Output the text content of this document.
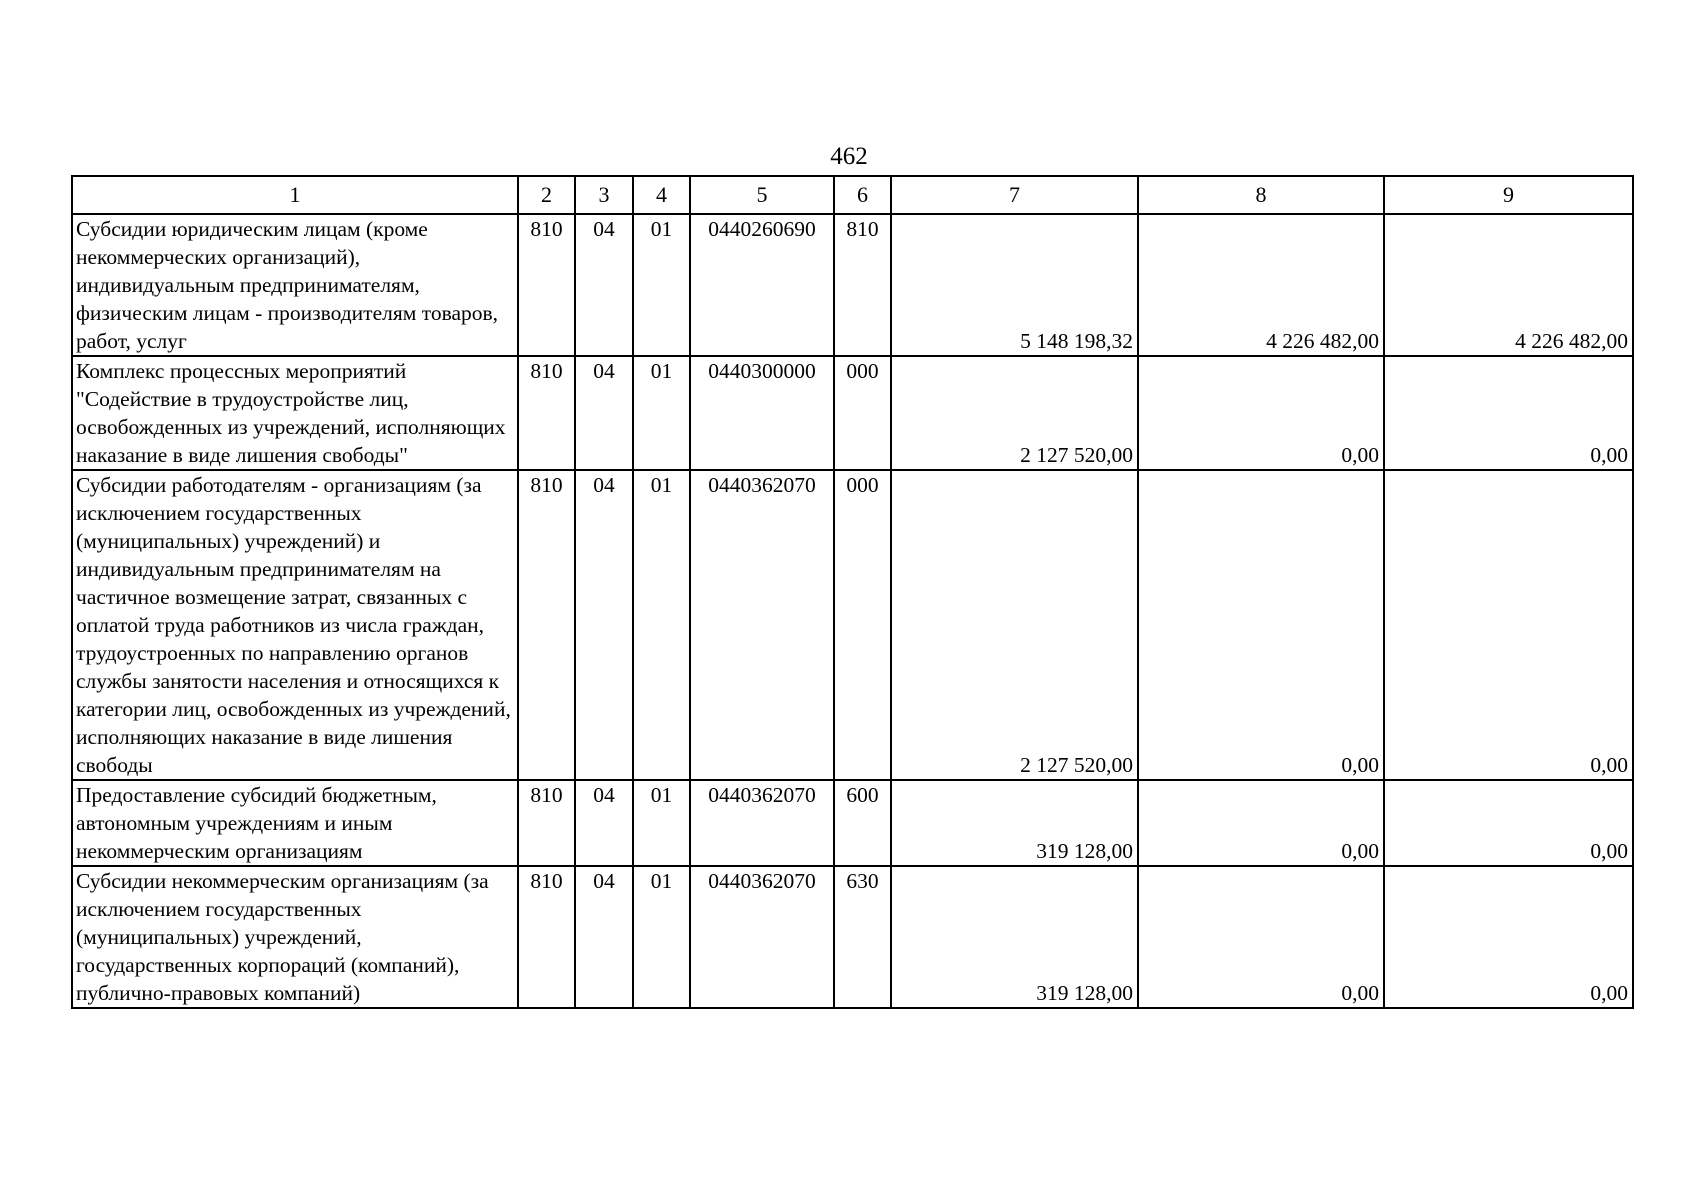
462
1	2	3	4	5	6	7	8	9
Субсидии юридическим лицам (кроме некоммерческих организаций), индивидуальным предпринимателям, физическим лицам - производителям товаров, работ, услуг	810	04	01	0440260690	810	5 148 198,32	4 226 482,00	4 226 482,00
Комплекс процессных мероприятий "Содействие в трудоустройстве лиц, освобожденных из учреждений, исполняющих наказание в виде лишения свободы"	810	04	01	0440300000	000	2 127 520,00	0,00	0,00
Субсидии работодателям - организациям (за исключением государственных (муниципальных) учреждений) и индивидуальным предпринимателям на частичное возмещение затрат, связанных с оплатой труда работников из числа граждан, трудоустроенных по направлению органов службы занятости населения и относящихся к категории лиц, освобожденных из учреждений, исполняющих наказание в виде лишения свободы	810	04	01	0440362070	000	2 127 520,00	0,00	0,00
Предоставление субсидий бюджетным, автономным учреждениям и иным некоммерческим организациям	810	04	01	0440362070	600	319 128,00	0,00	0,00
Субсидии некоммерческим организациям (за исключением государственных (муниципальных) учреждений, государственных корпораций (компаний), публично-правовых компаний)	810	04	01	0440362070	630	319 128,00	0,00	0,00
